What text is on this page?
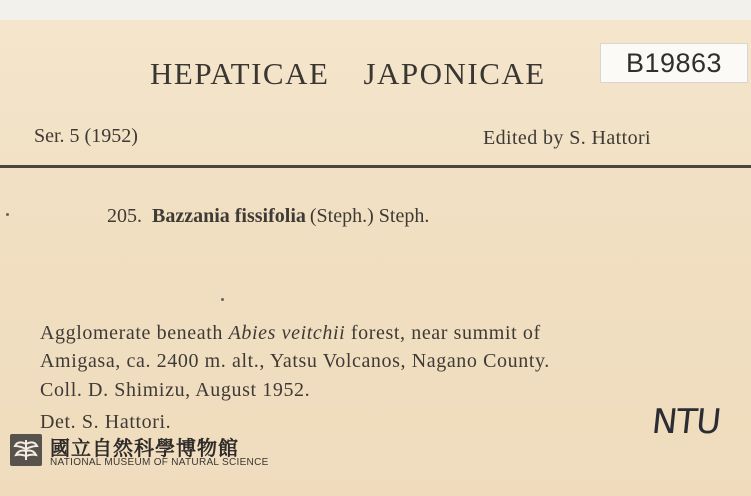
HEPATICAE JAPONICAE	B19863
Ser. 5 (1952)	Edited by S. Hattori
205. Bazzania fissifolia (Steph.) Steph.
Agglomerate beneath Abies veitchii forest, near summit of
Amigasa, ca. 2400 m. alt., Yatsu Volcanos, Nagano County.
Coll. D. Shimizu, August 1952.
Det. S. Hattori.	NTU
國立自然科學博物館
NATIONAL MUSEUM OF NATURAL SCIENCE
